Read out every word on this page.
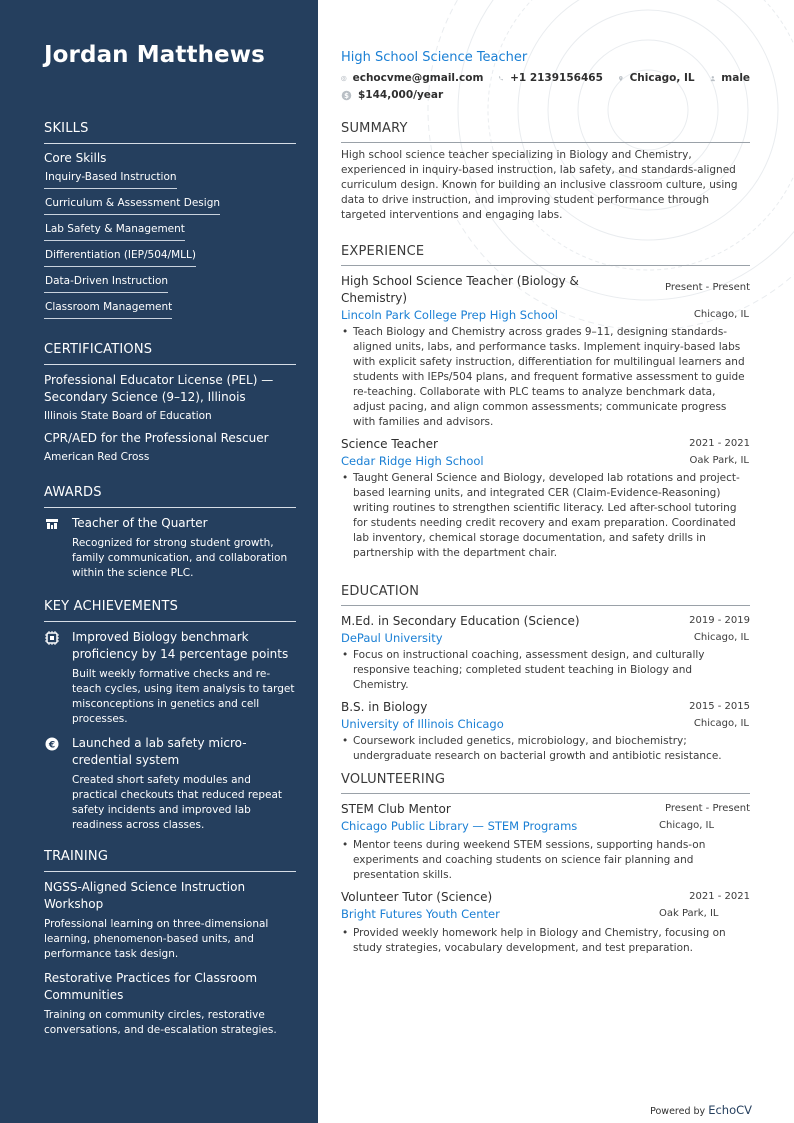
Jordan Matthews
SKILLS
Core Skills
Inquiry-Based Instruction
Curriculum & Assessment Design
Lab Safety & Management
Differentiation (IEP/504/MLL)
Data-Driven Instruction
Classroom Management
CERTIFICATIONS
Professional Educator License (PEL) — Secondary Science (9–12), Illinois
Illinois State Board of Education
CPR/AED for the Professional Rescuer
American Red Cross
AWARDS
Teacher of the Quarter
Recognized for strong student growth, family communication, and collaboration within the science PLC.
KEY ACHIEVEMENTS
Improved Biology benchmark proficiency by 14 percentage points
Built weekly formative checks and re-teach cycles, using item analysis to target misconceptions in genetics and cell processes.
€ Launched a lab safety micro-credential system
Created short safety modules and practical checkouts that reduced repeat safety incidents and improved lab readiness across classes.
TRAINING
NGSS-Aligned Science Instruction Workshop
Professional learning on three-dimensional learning, phenomenon-based units, and performance task design.
Restorative Practices for Classroom Communities
Training on community circles, restorative conversations, and de-escalation strategies.
High School Science Teacher
echocvme@gmail.com	+1 2139156465	Chicago, IL	male
$ $144,000/year
SUMMARY
High school science teacher specializing in Biology and Chemistry, experienced in inquiry-based instruction, lab safety, and standards-aligned curriculum design. Known for building an inclusive classroom culture, using data to drive instruction, and improving student performance through targeted interventions and engaging labs.
EXPERIENCE
Present - Present
High School Science Teacher (Biology & Chemistry)
Lincoln Park College Prep High School	Chicago, IL
• Teach Biology and Chemistry across grades 9–11, designing standards-aligned units, labs, and performance tasks. Implement inquiry-based labs with explicit safety instruction, differentiation for multilingual learners and students with IEPs/504 plans, and frequent formative assessment to guide re-teaching. Collaborate with PLC teams to analyze benchmark data, adjust pacing, and align common assessments; communicate progress with families and advisors.
2021 - 2021
Science Teacher
Cedar Ridge High School	Oak Park, IL
• Taught General Science and Biology, developed lab rotations and project-based learning units, and integrated CER (Claim-Evidence-Reasoning) writing routines to strengthen scientific literacy. Led after-school tutoring for students needing credit recovery and exam preparation. Coordinated lab inventory, chemical storage documentation, and safety drills in partnership with the department chair.
EDUCATION
2019 - 2019
M.Ed. in Secondary Education (Science)
DePaul University	Chicago, IL
• Focus on instructional coaching, assessment design, and culturally responsive teaching; completed student teaching in Biology and Chemistry.
2015 - 2015
B.S. in Biology
University of Illinois Chicago	Chicago, IL
• Coursework included genetics, microbiology, and biochemistry; undergraduate research on bacterial growth and antibiotic resistance.
VOLUNTEERING
Present - Present
STEM Club Mentor
Chicago Public Library — STEM Programs	Chicago, IL
• Mentor teens during weekend STEM sessions, supporting hands-on experiments and coaching students on science fair planning and presentation skills.
2021 - 2021
Volunteer Tutor (Science)
Bright Futures Youth Center	Oak Park, IL
• Provided weekly homework help in Biology and Chemistry, focusing on study strategies, vocabulary development, and test preparation.
Powered by EchoCV
